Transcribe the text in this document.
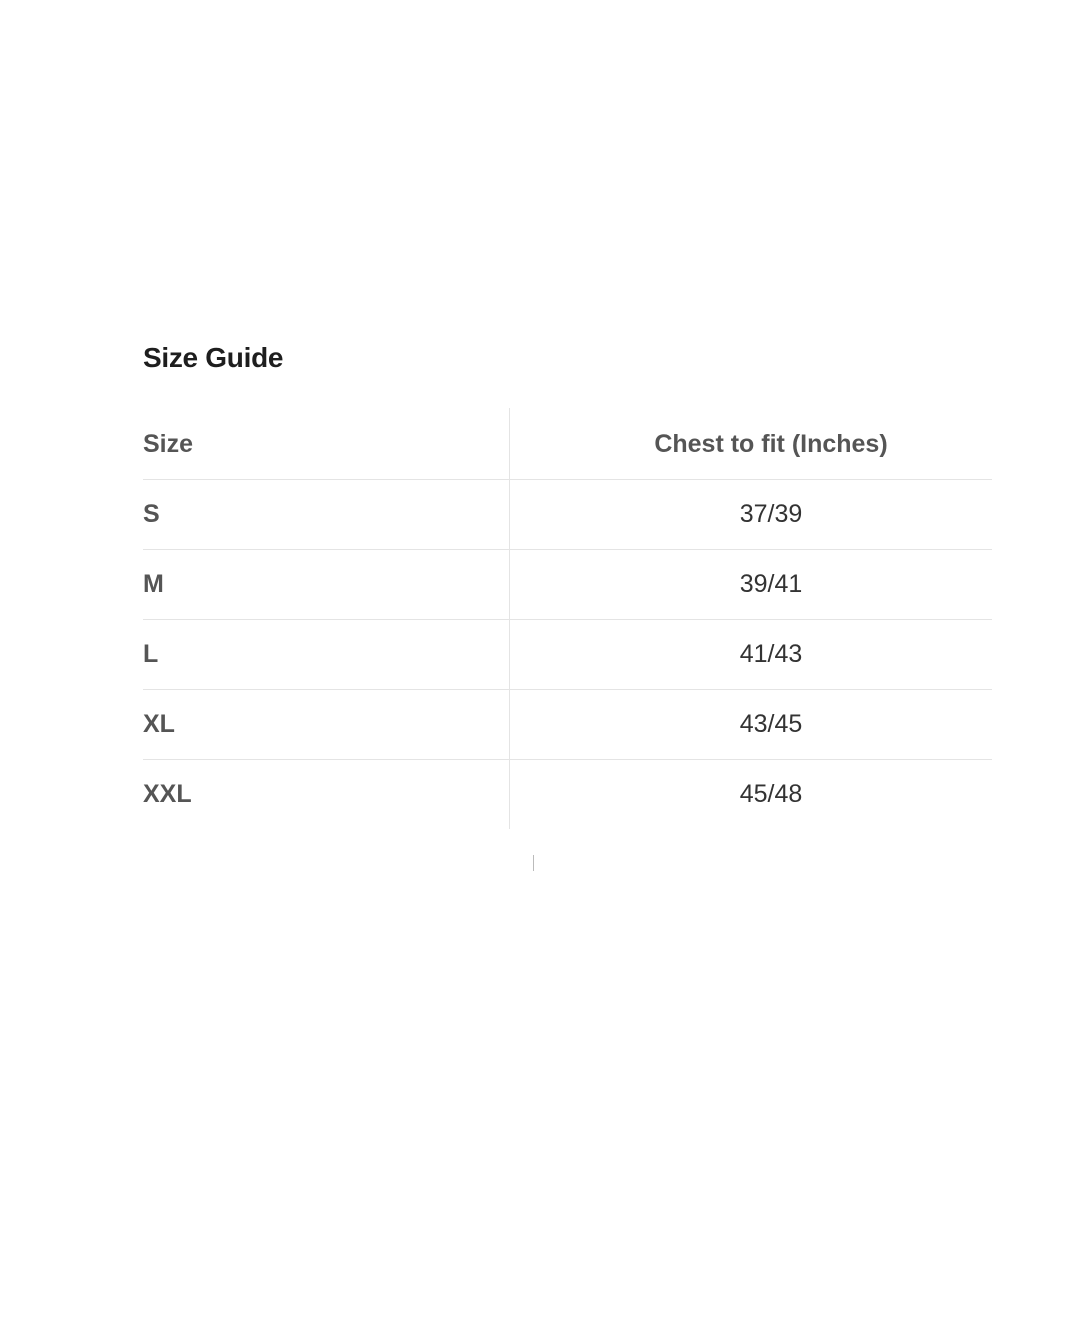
Size Guide
Size	Chest to fit (Inches)
S	37/39
M	39/41
L	41/43
XL	43/45
XXL	45/48
